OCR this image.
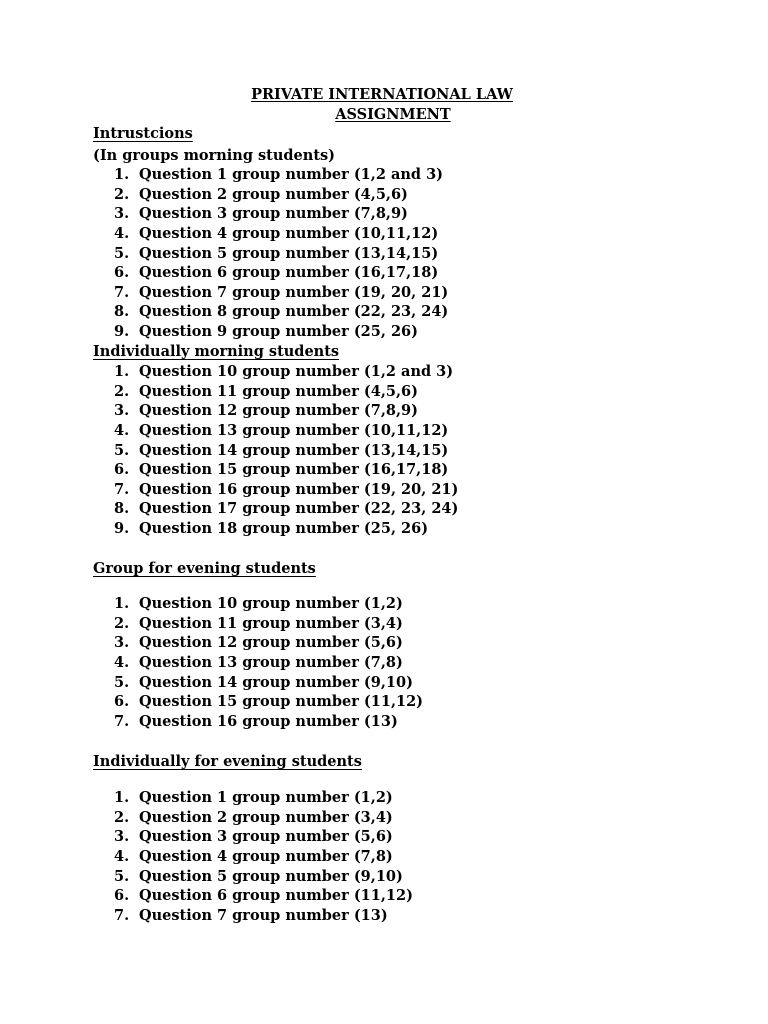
PRIVATE INTERNATIONAL LAW
ASSIGNMENT
Intrustcions
(In groups morning students)
1. Question 1 group number (1,2 and 3)
2. Question 2 group number (4,5,6)
3. Question 3 group number (7,8,9)
4. Question 4 group number (10,11,12)
5. Question 5 group number (13,14,15)
6. Question 6 group number (16,17,18)
7. Question 7 group number (19, 20, 21)
8. Question 8 group number (22, 23, 24)
9. Question 9 group number (25, 26)
Individually morning students
1. Question 10 group number (1,2 and 3)
2. Question 11 group number (4,5,6)
3. Question 12 group number (7,8,9)
4. Question 13 group number (10,11,12)
5. Question 14 group number (13,14,15)
6. Question 15 group number (16,17,18)
7. Question 16 group number (19, 20, 21)
8. Question 17 group number (22, 23, 24)
9. Question 18 group number (25, 26)
Group for evening students
1. Question 10 group number (1,2)
2. Question 11 group number (3,4)
3. Question 12 group number (5,6)
4. Question 13 group number (7,8)
5. Question 14 group number (9,10)
6. Question 15 group number (11,12)
7. Question 16 group number (13)
Individually for evening students
1. Question 1 group number (1,2)
2. Question 2 group number (3,4)
3. Question 3 group number (5,6)
4. Question 4 group number (7,8)
5. Question 5 group number (9,10)
6. Question 6 group number (11,12)
7. Question 7 group number (13)
